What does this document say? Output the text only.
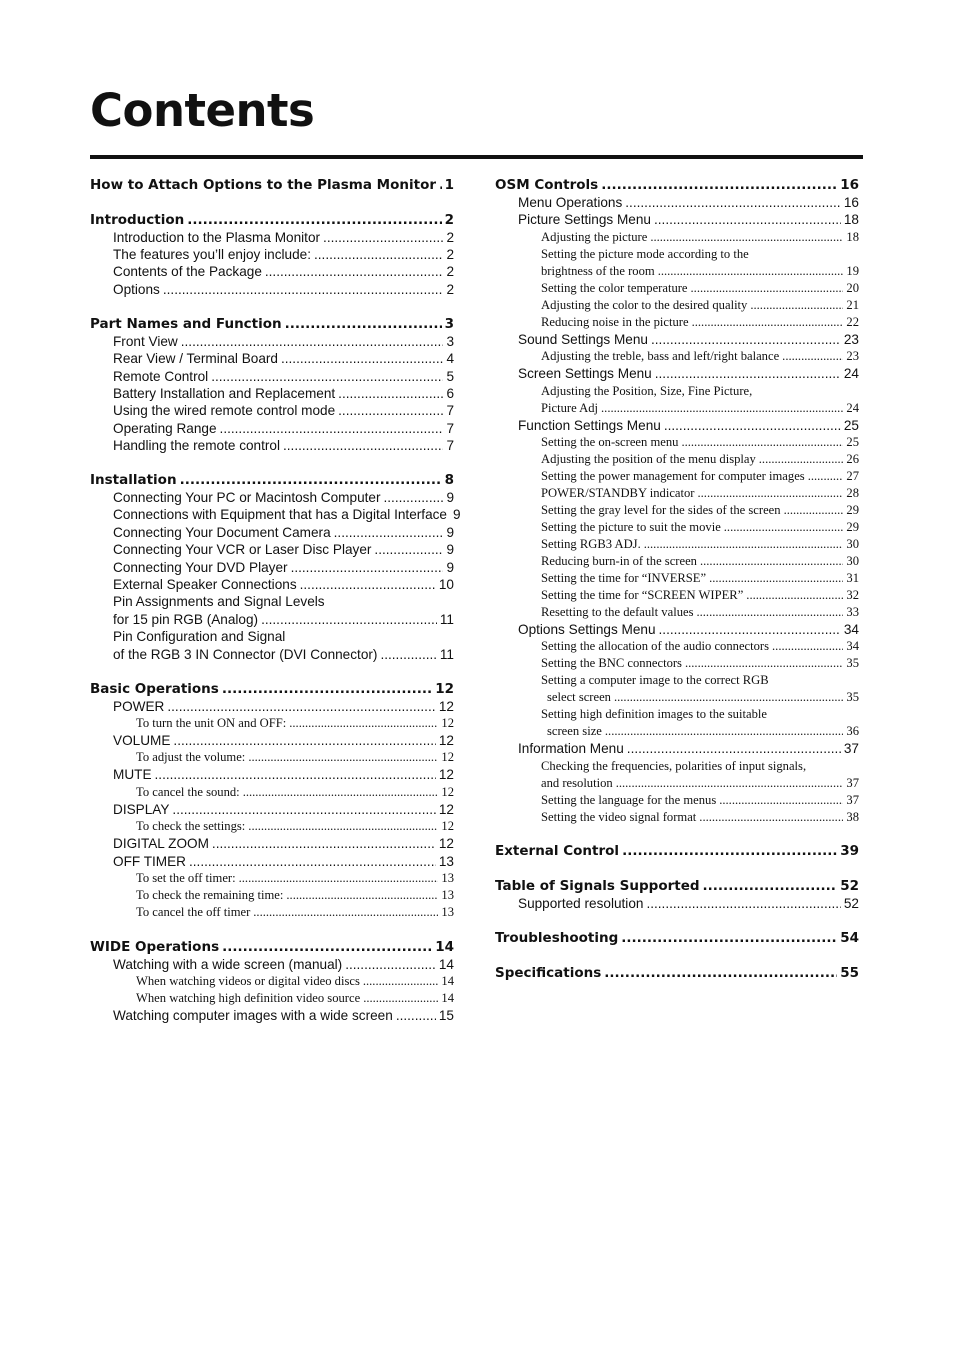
Contents
How to Attach Options to the Plasma Monitor ..... 1
Introduction .....	2
Introduction to the Plasma Monitor .....	2
The features you’ll enjoy include: .....	2
Contents of the Package .....	2
Options .....	2
Part Names and Function .....	3
Front View .....	3
Rear View / Terminal Board .....	4
Remote Control .....	5
Battery Installation and Replacement .....	6
Using the wired remote control mode .....	7
Operating Range .....	7
Handling the remote control .....	7
Installation .....	8
Connecting Your PC or Macintosh Computer .....	9
Connections with Equipment that has a Digital Interface 9
Connecting Your Document Camera .....	9
Connecting Your VCR or Laser Disc Player .....	9
Connecting Your DVD Player .....	9
External Speaker Connections .....	10
Pin Assignments and Signal Levels
for 15 pin RGB (Analog) .....	11
Pin Configuration and Signal
of the RGB 3 IN Connector (DVI Connector) .....	11
Basic Operations .....	12
POWER .....	12
To turn the unit ON and OFF: .....	12
VOLUME .....	12
To adjust the volume: .....	12
MUTE .....	12
To cancel the sound: .....	12
DISPLAY .....	12
To check the settings: .....	12
DIGITAL ZOOM .....	12
OFF TIMER .....	13
To set the off timer: .....	13
To check the remaining time: .....	13
To cancel the off timer .....	13
WIDE Operations .....	14
Watching with a wide screen (manual) .....	14
When watching videos or digital video discs .....	14
When watching high definition video source .....	14
Watching computer images with a wide screen .....	15
OSM Controls .....	16
Menu Operations .....	16
Picture Settings Menu .....	18
Adjusting the picture .....	18
Setting the picture mode according to the
brightness of the room .....	19
Setting the color temperature .....	20
Adjusting the color to the desired quality .....	21
Reducing noise in the picture .....	22
Sound Settings Menu .....	23
Adjusting the treble, bass and left/right balance .....	23
Screen Settings Menu .....	24
Adjusting the Position, Size, Fine Picture,
Picture Adj .....	24
Function Settings Menu .....	25
Setting the on-screen menu .....	25
Adjusting the position of the menu display .....	26
Setting the power management for computer images .....	27
POWER/STANDBY indicator .....	28
Setting the gray level for the sides of the screen .....	29
Setting the picture to suit the movie .....	29
Setting RGB3 ADJ. .....	30
Reducing burn-in of the screen .....	30
Setting the time for “INVERSE” .....	31
Setting the time for “SCREEN WIPER” .....	32
Resetting to the default values .....	33
Options Settings Menu .....	34
Setting the allocation of the audio connectors .....	34
Setting the BNC connectors .....	35
Setting a computer image to the correct RGB
select screen .....	35
Setting high definition images to the suitable
screen size .....	36
Information Menu .....	37
Checking the frequencies, polarities of input signals,
and resolution .....	37
Setting the language for the menus .....	37
Setting the video signal format .....	38
External Control .....	39
Table of Signals Supported .....	52
Supported resolution .....	52
Troubleshooting .....	54
Specifications .....	55
